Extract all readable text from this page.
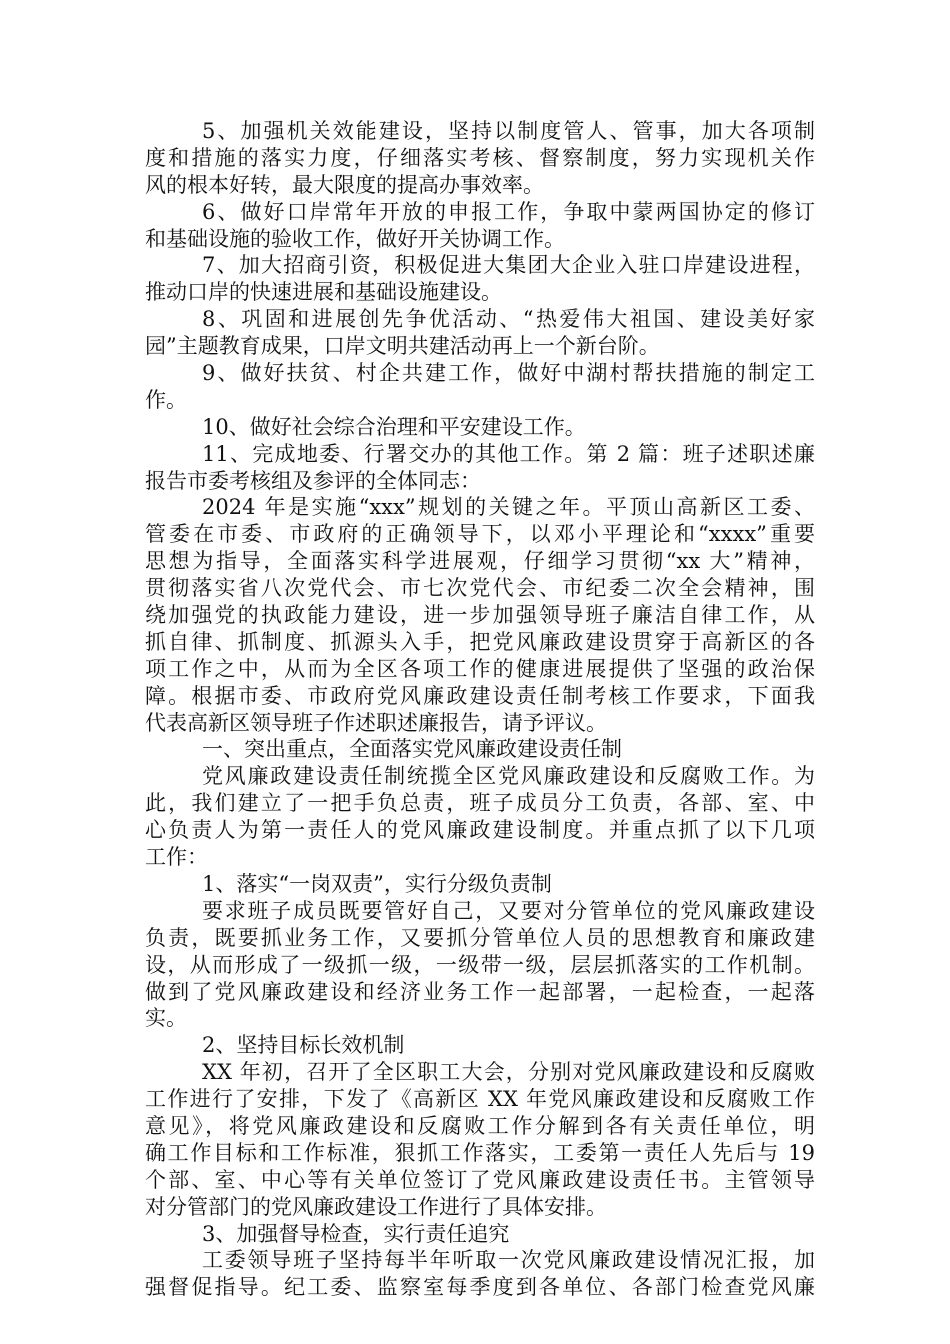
5、加强机关效能建设，坚持以制度管人、管事，加大各项制
度和措施的落实力度，仔细落实考核、督察制度，努力实现机关作
风的根本好转，最大限度的提高办事效率。
6、做好口岸常年开放的申报工作，争取中蒙两国协定的修订
和基础设施的验收工作，做好开关协调工作。
7、加大招商引资，积极促进大集团大企业入驻口岸建设进程，
推动口岸的快速进展和基础设施建设。
8、巩固和进展创先争优活动、“热爱伟大祖国、建设美好家
园”主题教育成果，口岸文明共建活动再上一个新台阶。
9、做好扶贫、村企共建工作，做好中湖村帮扶措施的制定工
作。
10、做好社会综合治理和平安建设工作。
11、完成地委、行署交办的其他工作。第 2 篇：班子述职述廉
报告市委考核组及参评的全体同志：
2024 年是实施“xxx”规划的关键之年。平顶山高新区工委、
管委在市委、市政府的正确领导下，以邓小平理论和“xxxx”重要
思想为指导，全面落实科学进展观，仔细学习贯彻“xx 大”精神，
贯彻落实省八次党代会、市七次党代会、市纪委二次全会精神，围
绕加强党的执政能力建设，进一步加强领导班子廉洁自律工作，从
抓自律、抓制度、抓源头入手，把党风廉政建设贯穿于高新区的各
项工作之中，从而为全区各项工作的健康进展提供了坚强的政治保
障。根据市委、市政府党风廉政建设责任制考核工作要求，下面我
代表高新区领导班子作述职述廉报告，请予评议。
一、突出重点，全面落实党风廉政建设责任制
党风廉政建设责任制统揽全区党风廉政建设和反腐败工作。为
此，我们建立了一把手负总责，班子成员分工负责，各部、室、中
心负责人为第一责任人的党风廉政建设制度。并重点抓了以下几项
工作：
1、落实“一岗双责”，实行分级负责制
要求班子成员既要管好自己，又要对分管单位的党风廉政建设
负责，既要抓业务工作，又要抓分管单位人员的思想教育和廉政建
设，从而形成了一级抓一级，一级带一级，层层抓落实的工作机制。
做到了党风廉政建设和经济业务工作一起部署，一起检查，一起落
实。
2、坚持目标长效机制
XX 年初，召开了全区职工大会，分别对党风廉政建设和反腐败
工作进行了安排，下发了《高新区 XX 年党风廉政建设和反腐败工作
意见》，将党风廉政建设和反腐败工作分解到各有关责任单位，明
确工作目标和工作标准，狠抓工作落实，工委第一责任人先后与 19
个部、室、中心等有关单位签订了党风廉政建设责任书。主管领导
对分管部门的党风廉政建设工作进行了具体安排。
3、加强督导检查，实行责任追究
工委领导班子坚持每半年听取一次党风廉政建设情况汇报，加
强督促指导。纪工委、监察室每季度到各单位、各部门检查党风廉
